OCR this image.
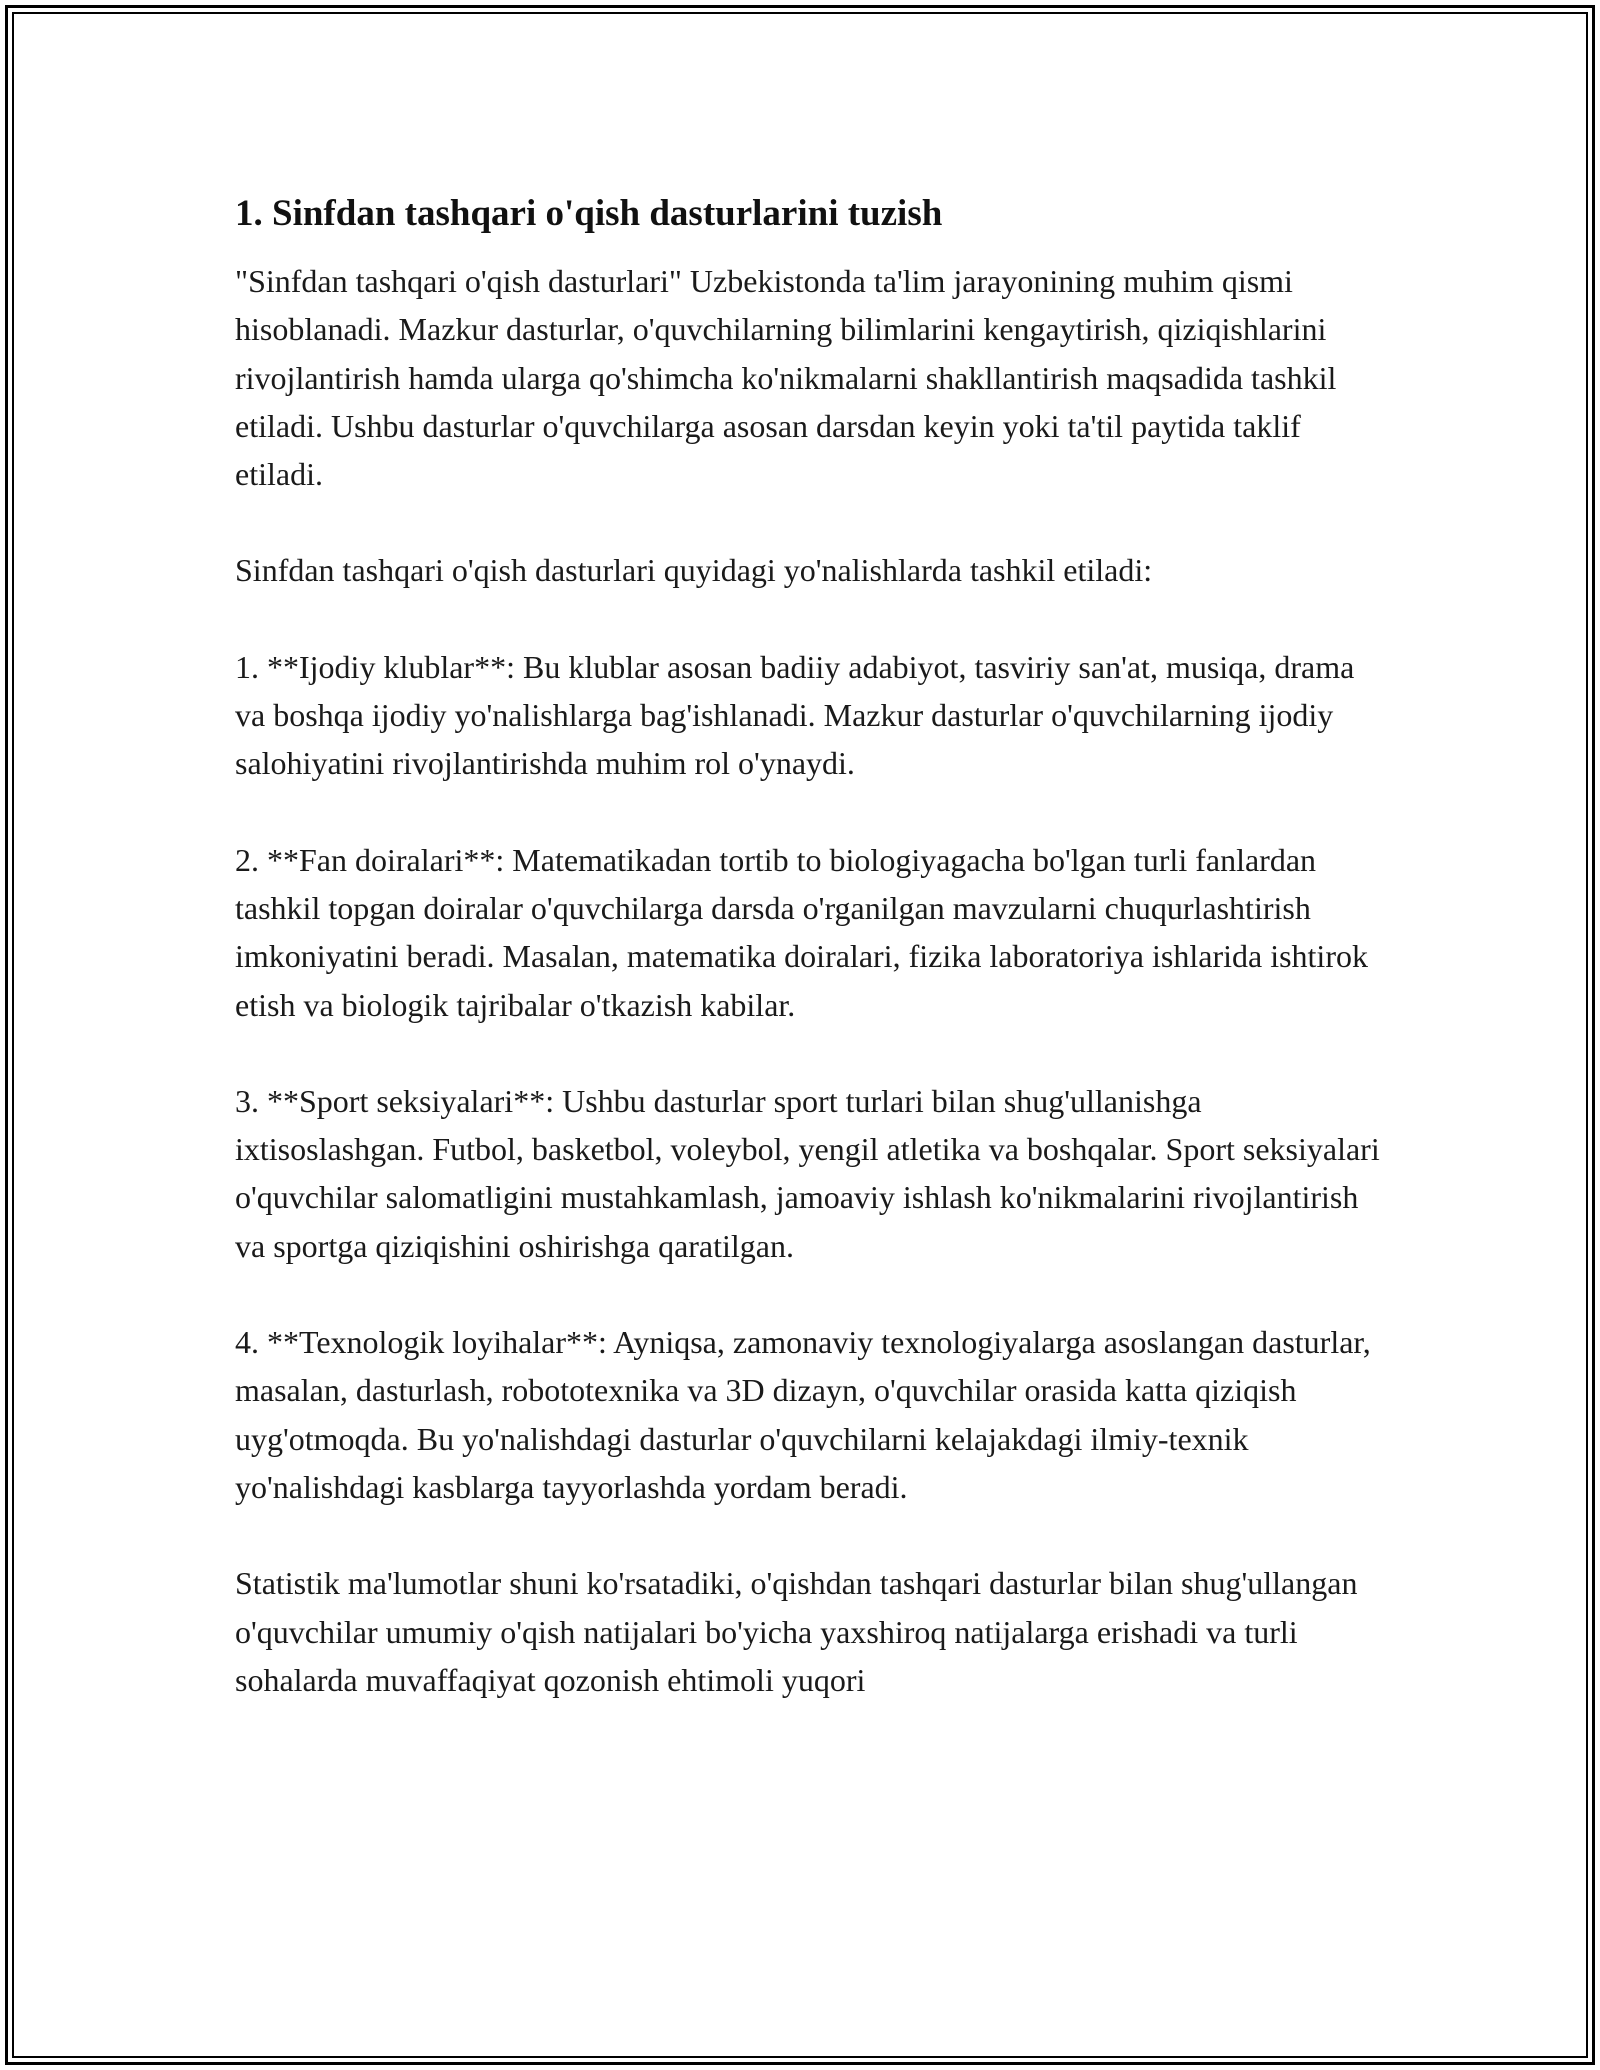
1. Sinfdan tashqari o'qish dasturlarini tuzish

"Sinfdan tashqari o'qish dasturlari" Uzbekistonda ta'lim jarayonining muhim qismi hisoblanadi. Mazkur dasturlar, o'quvchilarning bilimlarini kengaytirish, qiziqishlarini rivojlantirish hamda ularga qo'shimcha ko'nikmalarni shakllantirish maqsadida tashkil etiladi. Ushbu dasturlar o'quvchilarga asosan darsdan keyin yoki ta'til paytida taklif etiladi.

Sinfdan tashqari o'qish dasturlari quyidagi yo'nalishlarda tashkil etiladi:

1. **Ijodiy klublar**: Bu klublar asosan badiiy adabiyot, tasviriy san'at, musiqa, drama va boshqa ijodiy yo'nalishlarga bag'ishlanadi. Mazkur dasturlar o'quvchilarning ijodiy salohiyatini rivojlantirishda muhim rol o'ynaydi.

2. **Fan doiralari**: Matematikadan tortib to biologiyagacha bo'lgan turli fanlardan tashkil topgan doiralar o'quvchilarga darsda o'rganilgan mavzularni chuqurlashtirish imkoniyatini beradi. Masalan, matematika doiralari, fizika laboratoriya ishlarida ishtirok etish va biologik tajribalar o'tkazish kabilar.

3. **Sport seksiyalari**: Ushbu dasturlar sport turlari bilan shug'ullanishga ixtisoslashgan. Futbol, basketbol, voleybol, yengil atletika va boshqalar. Sport seksiyalari o'quvchilar salomatligini mustahkamlash, jamoaviy ishlash ko'nikmalarini rivojlantirish va sportga qiziqishini oshirishga qaratilgan.

4. **Texnologik loyihalar**: Ayniqsa, zamonaviy texnologiyalarga asoslangan dasturlar, masalan, dasturlash, robototexnika va 3D dizayn, o'quvchilar orasida katta qiziqish uyg'otmoqda. Bu yo'nalishdagi dasturlar o'quvchilarni kelajakdagi ilmiy-texnik yo'nalishdagi kasblarga tayyorlashda yordam beradi.

Statistik ma'lumotlar shuni ko'rsatadiki, o'qishdan tashqari dasturlar bilan shug'ullangan o'quvchilar umumiy o'qish natijalari bo'yicha yaxshiroq natijalarga erishadi va turli sohalarda muvaffaqiyat qozonish ehtimoli yuqori
